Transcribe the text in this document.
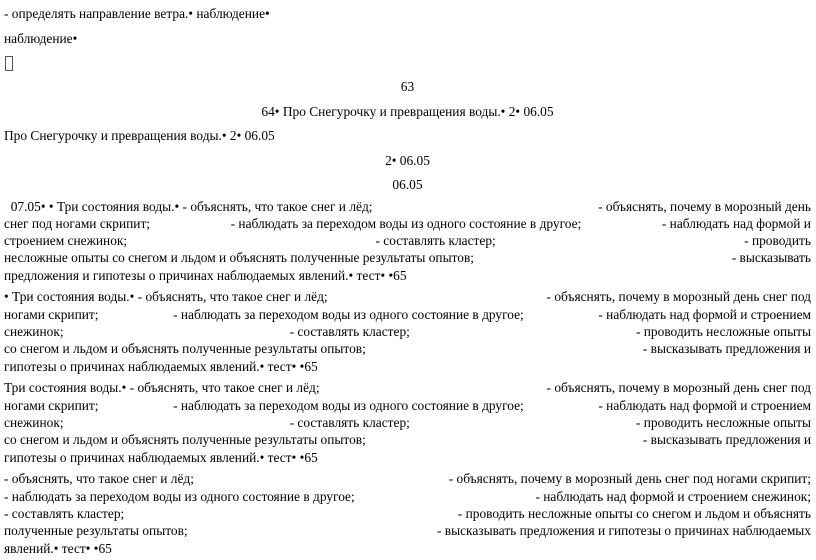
- определять направление ветра.• наблюдение•
наблюдение•
63
64• Про Снегурочку и превращения воды.• 2• 06.05
Про Снегурочку и превращения воды.• 2• 06.05
2• 06.05
06.05
07.05• • Три состояния воды.• - объяснять, что такое снег и лёд;	- объяснять, почему в морозный день
снег под ногами скрипит;	- наблюдать за переходом воды из одного состояние в другое;	- наблюдать над формой и
строением снежинок;	- составлять кластер;	- проводить
несложные опыты со снегом и льдом и объяснять полученные результаты опытов;	- высказывать
предложения и гипотезы о причинах наблюдаемых явлений.• тест• •65
• Три состояния воды.• - объяснять, что такое снег и лёд;	- объяснять, почему в морозный день снег под
ногами скрипит;	- наблюдать за переходом воды из одного состояние в другое;	- наблюдать над формой и строением
снежинок;	- составлять кластер;	- проводить несложные опыты
со снегом и льдом и объяснять полученные результаты опытов;	- высказывать предложения и
гипотезы о причинах наблюдаемых явлений.• тест• •65
Три состояния воды.• - объяснять, что такое снег и лёд;	- объяснять, почему в морозный день снег под
ногами скрипит;	- наблюдать за переходом воды из одного состояние в другое;	- наблюдать над формой и строением
снежинок;	- составлять кластер;	- проводить несложные опыты
со снегом и льдом и объяснять полученные результаты опытов;	- высказывать предложения и
гипотезы о причинах наблюдаемых явлений.• тест• •65
- объяснять, что такое снег и лёд;	- объяснять, почему в морозный день снег под ногами скрипит;
- наблюдать за переходом воды из одного состояние в другое;	- наблюдать над формой и строением снежинок;
- составлять кластер;	- проводить несложные опыты со снегом и льдом и объяснять
полученные результаты опытов;	- высказывать предложения и гипотезы о причинах наблюдаемых
явлений.• тест• •65
